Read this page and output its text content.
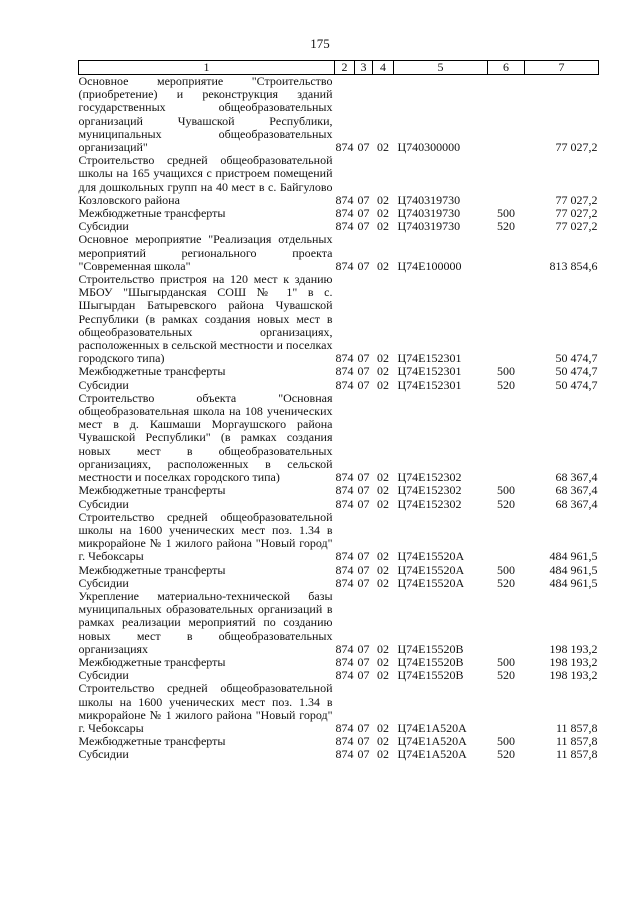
175
1	2	3	4	5	6	7
Основное мероприятие "Строительство (приобретение) и реконструкция зданий государственных общеобразовательных организаций Чувашской Республики, муниципальных общеобразовательных организаций"	874	07	02	Ц740300000		77 027,2
Строительство средней общеобразовательной школы на 165 учащихся с пристроем помещений для дошкольных групп на 40 мест в с. Байгулово Козловского района	874	07	02	Ц740319730		77 027,2
Межбюджетные трансферты	874	07	02	Ц740319730	500	77 027,2
Субсидии	874	07	02	Ц740319730	520	77 027,2
Основное мероприятие "Реализация отдельных мероприятий регионального проекта "Современная школа"	874	07	02	Ц74Е100000		813 854,6
Строительство пристроя на 120 мест к зданию МБОУ "Шыгырданская СОШ № 1" в с. Шыгырдан Батыревского района Чувашской Республики (в рамках создания новых мест в общеобразовательных организациях, расположенных в сельской местности и поселках городского типа)	874	07	02	Ц74Е152301		50 474,7
Межбюджетные трансферты	874	07	02	Ц74Е152301	500	50 474,7
Субсидии	874	07	02	Ц74Е152301	520	50 474,7
Строительство объекта "Основная общеобразовательная школа на 108 ученических мест в д. Кашмаши Моргаушского района Чувашской Республики" (в рамках создания новых мест в общеобразовательных организациях, расположенных в сельской местности и поселках городского типа)	874	07	02	Ц74Е152302		68 367,4
Межбюджетные трансферты	874	07	02	Ц74Е152302	500	68 367,4
Субсидии	874	07	02	Ц74Е152302	520	68 367,4
Строительство средней общеобразовательной школы на 1600 ученических мест поз. 1.34 в микрорайоне № 1 жилого района "Новый город" г. Чебоксары	874	07	02	Ц74Е15520А		484 961,5
Межбюджетные трансферты	874	07	02	Ц74Е15520А	500	484 961,5
Субсидии	874	07	02	Ц74Е15520А	520	484 961,5
Укрепление материально-технической базы муниципальных образовательных организаций в рамках реализации мероприятий по созданию новых мест в общеобразовательных организациях	874	07	02	Ц74Е15520В		198 193,2
Межбюджетные трансферты	874	07	02	Ц74Е15520В	500	198 193,2
Субсидии	874	07	02	Ц74Е15520В	520	198 193,2
Строительство средней общеобразовательной школы на 1600 ученических мест поз. 1.34 в микрорайоне № 1 жилого района "Новый город" г. Чебоксары	874	07	02	Ц74Е1А520А		11 857,8
Межбюджетные трансферты	874	07	02	Ц74Е1А520А	500	11 857,8
Субсидии	874	07	02	Ц74Е1А520А	520	11 857,8
